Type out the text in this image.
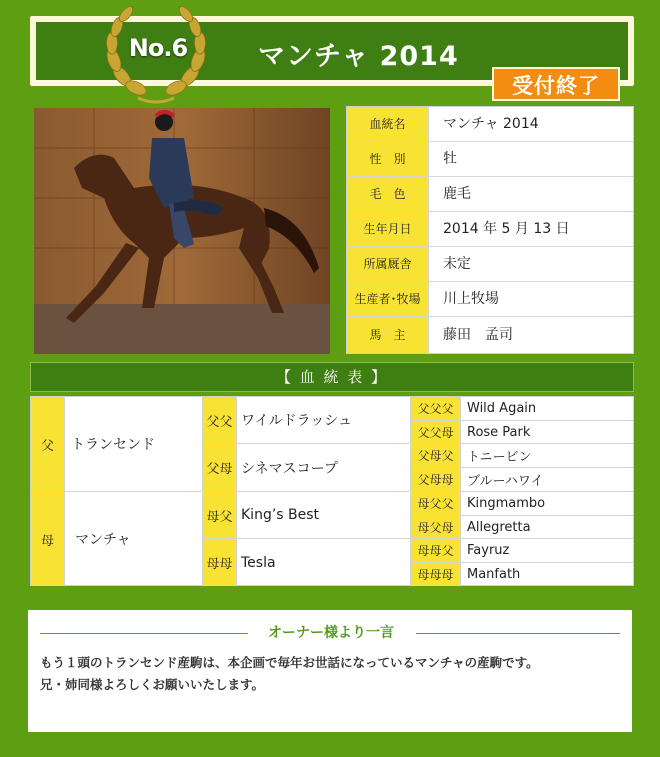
No.6	マンチャ 2014
受付終了
血統名	マンチャ 2014
性　別	牡
毛　色	鹿毛
生年月日	2014 年 5 月 13 日
所属厩舎	未定
生産者･牧場	川上牧場
馬　主	藤田　孟司
【 血 統 表 】
父	トランセンド
母	マンチャ
父父 ワイルドラッシュ
父母 シネマスコープ
母父 King’s Best
母母 Tesla
父父父	Wild Again
父父母	Rose Park
父母父	トニービン
父母母	ブルーハワイ
母父父	Kingmambo
母父母	Allegretta
母母父	Fayruz
母母母	Manfath
オーナー様より一言
もう１頭のトランセンド産駒は、本企画で毎年お世話になっているマンチャの産駒です。
兄・姉同様よろしくお願いいたします。
